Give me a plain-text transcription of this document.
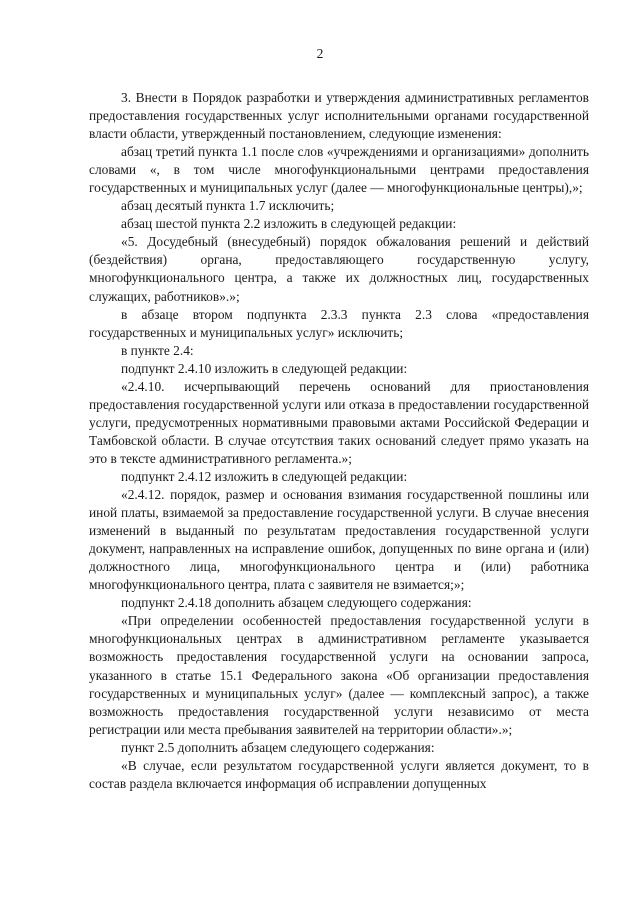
2

3. Внести в Порядок разработки и утверждения административных регламентов предоставления государственных услуг исполнительными органами государственной власти области, утвержденный постановлением, следующие изменения:

абзац третий пункта 1.1 после слов «учреждениями и организациями» дополнить словами «, в том числе многофункциональными центрами предоставления государственных и муниципальных услуг (далее — многофункциональные центры),»;

абзац десятый пункта 1.7 исключить;

абзац шестой пункта 2.2 изложить в следующей редакции:

«5. Досудебный (внесудебный) порядок обжалования решений и действий (бездействия) органа, предоставляющего государственную услугу, многофункционального центра, а также их должностных лиц, государственных служащих, работников».»;

в абзаце втором подпункта 2.3.3 пункта 2.3 слова «предоставления государственных и муниципальных услуг» исключить;

в пункте 2.4:

подпункт 2.4.10 изложить в следующей редакции:

«2.4.10. исчерпывающий перечень оснований для приостановления предоставления государственной услуги или отказа в предоставлении государственной услуги, предусмотренных нормативными правовыми актами Российской Федерации и Тамбовской области. В случае отсутствия таких оснований следует прямо указать на это в тексте административного регламента.»;

подпункт 2.4.12 изложить в следующей редакции:

«2.4.12. порядок, размер и основания взимания государственной пошлины или иной платы, взимаемой за предоставление государственной услуги. В случае внесения изменений в выданный по результатам предоставления государственной услуги документ, направленных на исправление ошибок, допущенных по вине органа и (или) должностного лица, многофункционального центра и (или) работника многофункционального центра, плата с заявителя не взимается;»;

подпункт 2.4.18 дополнить абзацем следующего содержания:

«При определении особенностей предоставления государственной услуги в многофункциональных центрах в административном регламенте указывается возможность предоставления государственной услуги на основании запроса, указанного в статье 15.1 Федерального закона «Об организации предоставления государственных и муниципальных услуг» (далее — комплексный запрос), а также возможность предоставления государственной услуги независимо от места регистрации или места пребывания заявителей на территории области».»;

пункт 2.5 дополнить абзацем следующего содержания:

«В случае, если результатом государственной услуги является документ, то в состав раздела включается информация об исправлении допущенных
